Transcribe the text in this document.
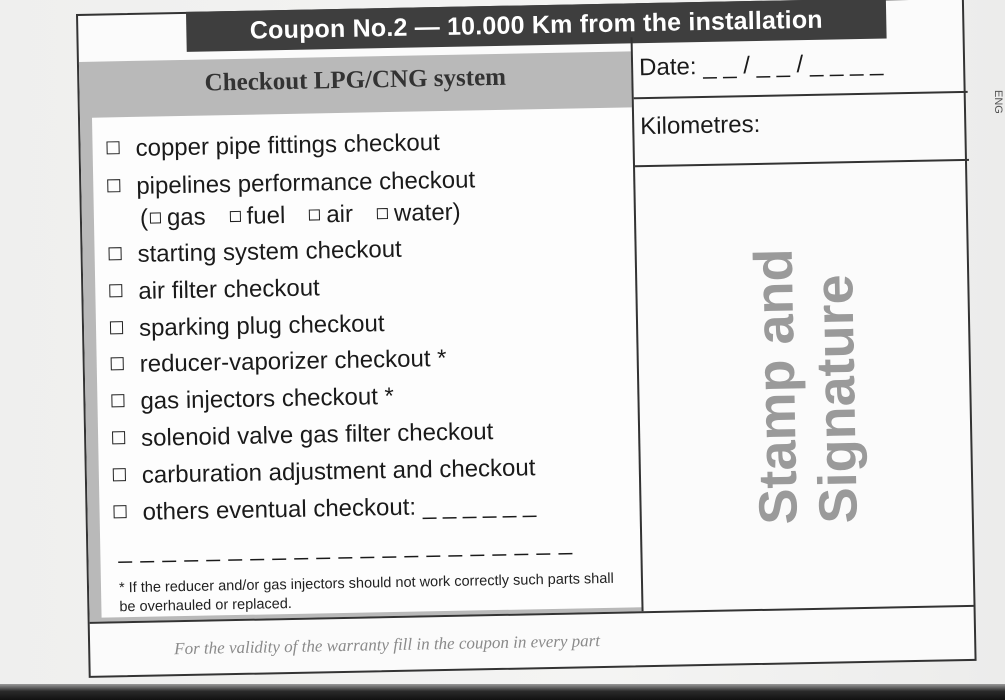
ENG
Coupon No.2 — 10.000 Km from the installation
Checkout LPG/CNG system
copper pipe fittings checkout
pipelines performance checkout
( gas fuel air water)
starting system checkout
air filter checkout
sparking plug checkout
reducer-vaporizer checkout *
gas injectors checkout *
solenoid valve gas filter checkout
carburation adjustment and checkout
others eventual checkout: _ _ _ _ _ _
_ _ _ _ _ _ _ _ _ _ _ _ _ _ _ _ _ _ _ _ _
* If the reducer and/or gas injectors should not work correctly such parts shall be overhauled or replaced.
Date: _ _ / _ _ / _ _ _ _
Kilometres:
Stamp and
Signature
For the validity of the warranty fill in the coupon in every part
